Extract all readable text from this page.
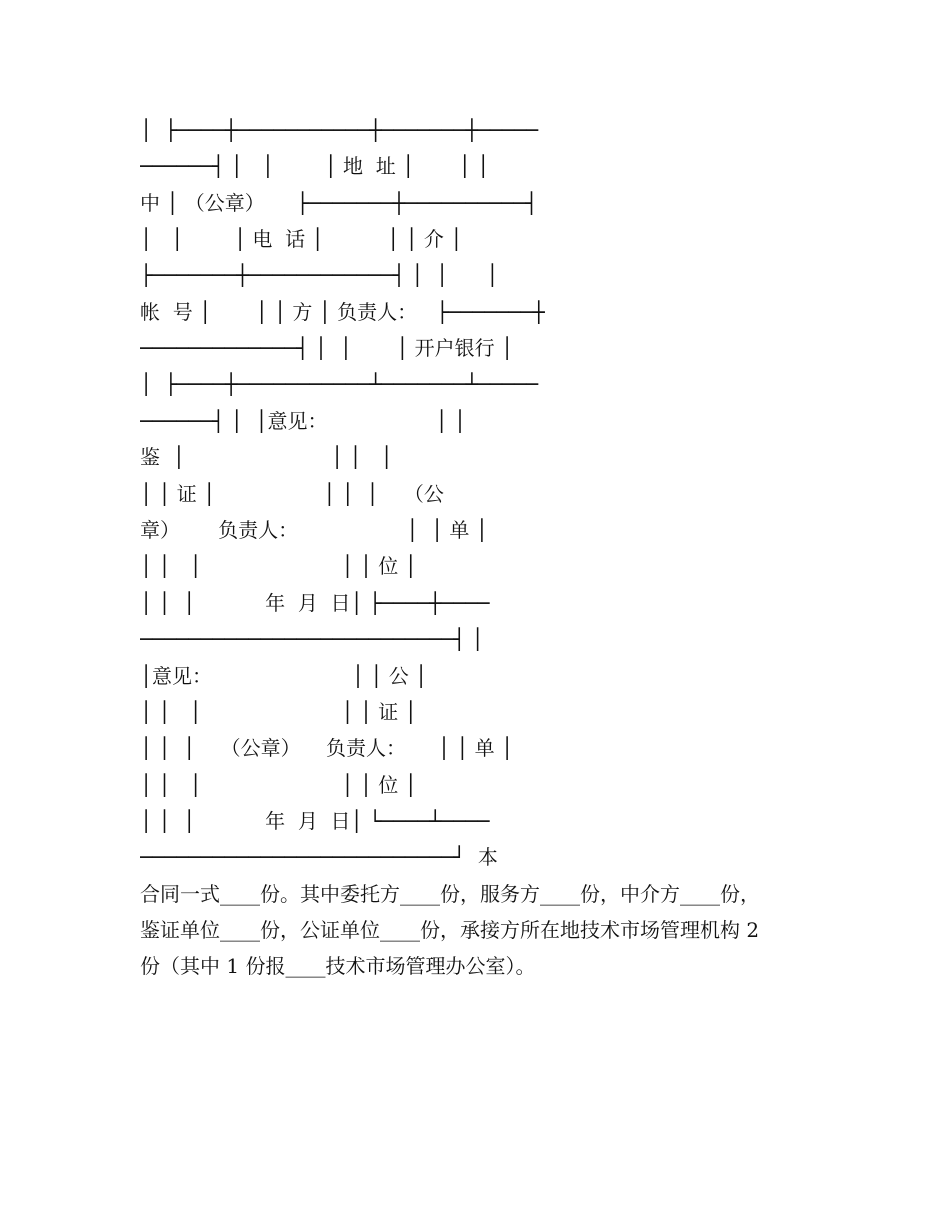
│  ├────┼───────────┼───────┼─────
──────┤ │   │        │ 地  址 │       │ │
中 │ （公章）     ├───────┼──────────┤
│   │        │ 电  话 │          │ │ 介 │
├───────┼────────────┤ │  │      │
帐  号 │       │ │ 方 │ 负责人：   ├───────┼
─────────────┤ │  │       │ 开户银行 │
│  ├────┼───────────┴───────┴─────
──────┤ │  │意见：                 │ │
鉴  │                       │ │   │
│ │ 证 │                 │ │  │    （公
章）      负责人：                 │  │ 单 │
│ │   │                      │ │ 位 │
│ │  │           年  月  日│ ├────┼────
──────────────────────────┤ │
│意见：                      │ │ 公 │
│ │   │                      │ │ 证 │
│ │  │    （公章）    负责人：     │ │ 单 │
│ │   │                      │ │ 位 │
│ │  │           年  月  日│ └────┴────
──────────────────────────┘  本

合同一式____份。其中委托方____份，服务方____份，中介方____份，

鉴证单位____份，公证单位____份，承接方所在地技术市场管理机构 2

份（其中 1 份报____技术市场管理办公室）。
